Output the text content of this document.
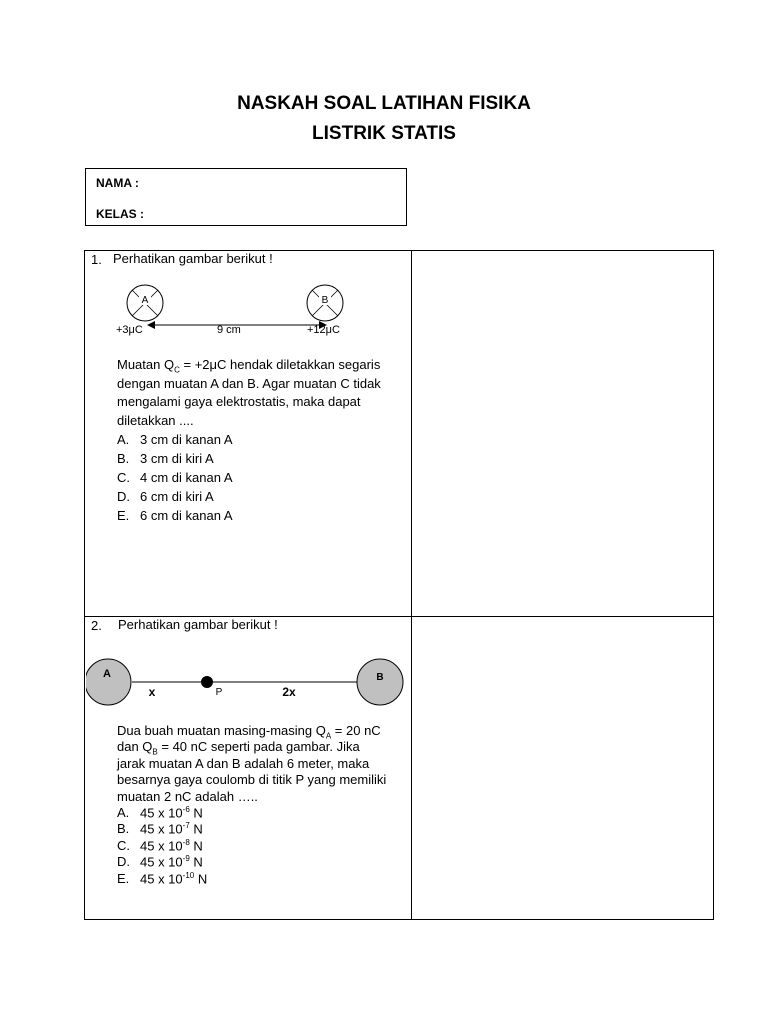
NASKAH SOAL LATIHAN FISIKA
LISTRIK STATIS
NAMA :
KELAS :
1. Perhatikan gambar berikut !
A	B
+3μC	9 cm	+12μC
Muatan $Q_C = +2\mu C$ hendak diletakkan segaris
dengan muatan A dan B. Agar muatan C tidak
mengalami gaya elektrostatis, maka dapat
diletakkan ....
A. 3 cm di kanan A
B. 3 cm di kiri A
C. 4 cm di kanan A
D. 6 cm di kiri A
E. 6 cm di kanan A
2. Perhatikan gambar berikut !
A	B
x	P	2x
Dua buah muatan masing-masing $Q_A = 20$ nC
dan $Q_B = 40$ nC seperti pada gambar. Jika
jarak muatan A dan B adalah 6 meter, maka
besarnya gaya coulomb di titik P yang memiliki
muatan 2 nC adalah …..
A. 45 x $10^{-6}$ N
B. 45 x $10^{-7}$ N
C. 45 x $10^{-8}$ N
D. 45 x $10^{-9}$ N
E. 45 x $10^{-10}$ N
